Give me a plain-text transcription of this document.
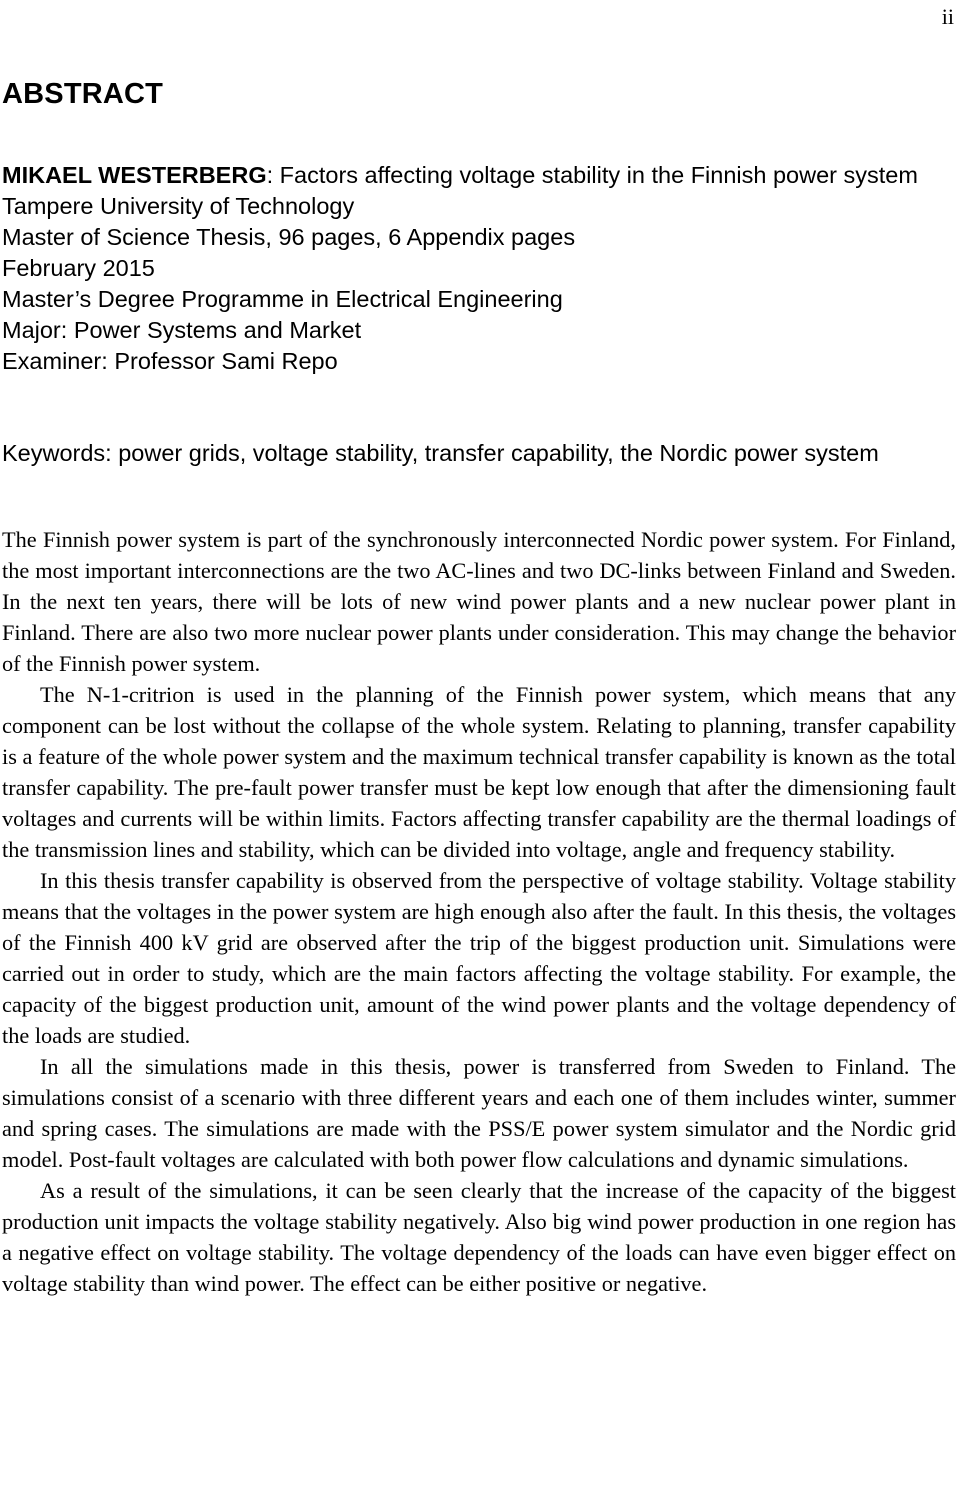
ii
ABSTRACT
MIKAEL WESTERBERG: Factors affecting voltage stability in the Finnish power system
Tampere University of Technology
Master of Science Thesis, 96 pages, 6 Appendix pages
February 2015
Master’s Degree Programme in Electrical Engineering
Major: Power Systems and Market
Examiner: Professor Sami Repo
Keywords: power grids, voltage stability, transfer capability, the Nordic power system

The Finnish power system is part of the synchronously interconnected Nordic power system. For Finland, the most important interconnections are the two AC-lines and two DC-links between Finland and Sweden. In the next ten years, there will be lots of new wind power plants and a new nuclear power plant in Finland. There are also two more nuclear power plants under consideration. This may change the behavior of the Finnish power system.

The N-1-critrion is used in the planning of the Finnish power system, which means that any component can be lost without the collapse of the whole system. Relating to planning, transfer capability is a feature of the whole power system and the maximum technical transfer capability is known as the total transfer capability. The pre-fault power transfer must be kept low enough that after the dimensioning fault voltages and currents will be within limits. Factors affecting transfer capability are the thermal loadings of the transmission lines and stability, which can be divided into voltage, angle and frequency stability.

In this thesis transfer capability is observed from the perspective of voltage stability. Voltage stability means that the voltages in the power system are high enough also after the fault. In this thesis, the voltages of the Finnish 400 kV grid are observed after the trip of the biggest production unit. Simulations were carried out in order to study, which are the main factors affecting the voltage stability. For example, the capacity of the biggest production unit, amount of the wind power plants and the voltage dependency of the loads are studied.

In all the simulations made in this thesis, power is transferred from Sweden to Finland. The simulations consist of a scenario with three different years and each one of them includes winter, summer and spring cases. The simulations are made with the PSS/E power system simulator and the Nordic grid model. Post-fault voltages are calculated with both power flow calculations and dynamic simulations.

As a result of the simulations, it can be seen clearly that the increase of the capacity of the biggest production unit impacts the voltage stability negatively. Also big wind power production in one region has a negative effect on voltage stability. The voltage dependency of the loads can have even bigger effect on voltage stability than wind power. The effect can be either positive or negative.
